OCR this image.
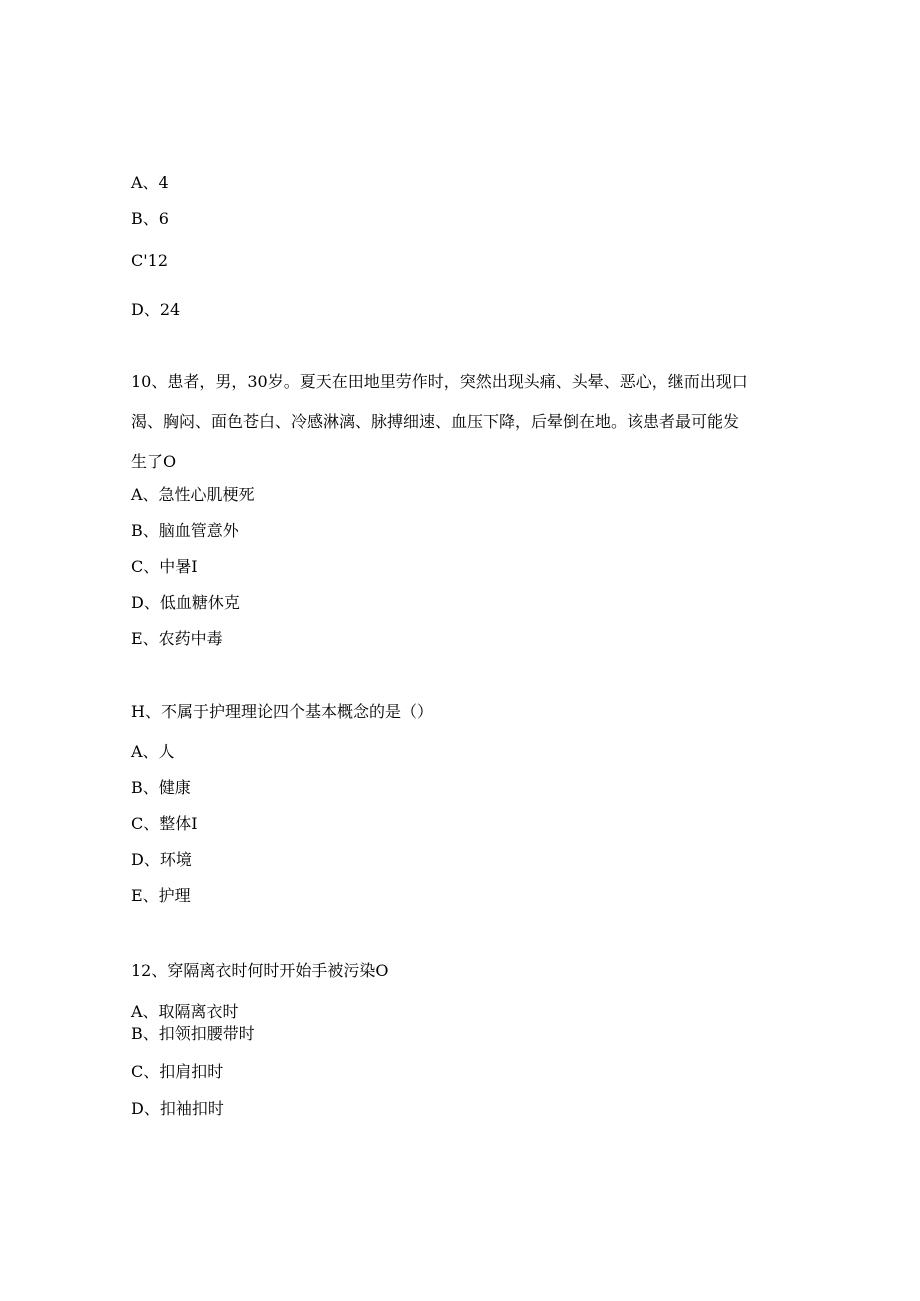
A、4
B、6
C'12
D、24
10、患者，男，30岁。夏天在田地里劳作时，突然出现头痛、头晕、恶心，继而出现口
渴、胸闷、面色苍白、冷感淋漓、脉搏细速、血压下降，后晕倒在地。该患者最可能发
生了O
A、急性心肌梗死
B、脑血管意外
C、中暑I
D、低血糖休克
E、农药中毒
H、不属于护理理论四个基本概念的是（）
A、人
B、健康
C、整体I
D、环境
E、护理
12、穿隔离衣时何时开始手被污染O
A、取隔离衣时
B、扣领扣腰带时
C、扣肩扣时
D、扣袖扣时
